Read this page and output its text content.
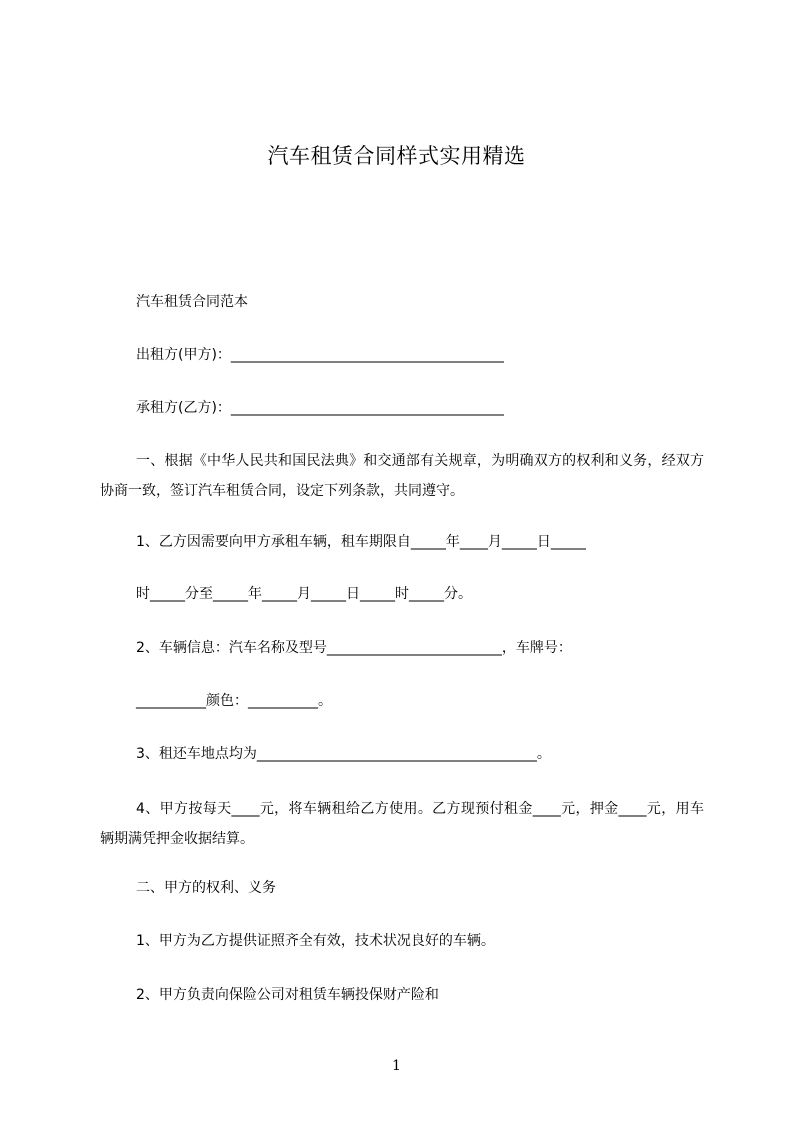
汽车租赁合同样式实用精选
汽车租赁合同范本
出租方(甲方)：_______________________________________
承租方(乙方)：_______________________________________
一、根据《中华人民共和国民法典》和交通部有关规章，为明确双方的权利和义务，经双方协商一致，签订汽车租赁合同，设定下列条款，共同遵守。
1、乙方因需要向甲方承租车辆，租车期限自_____年____月_____日_____
时_____分至_____年_____月_____日_____时_____分。
2、车辆信息：汽车名称及型号_________________________，车牌号：
__________颜色：__________。
3、租还车地点均为________________________________________。
4、甲方按每天____元，将车辆租给乙方使用。乙方现预付租金____元，押金____元，用车辆期满凭押金收据结算。
二、甲方的权利、义务
1、甲方为乙方提供证照齐全有效，技术状况良好的车辆。
2、甲方负责向保险公司对租赁车辆投保财产险和
1
